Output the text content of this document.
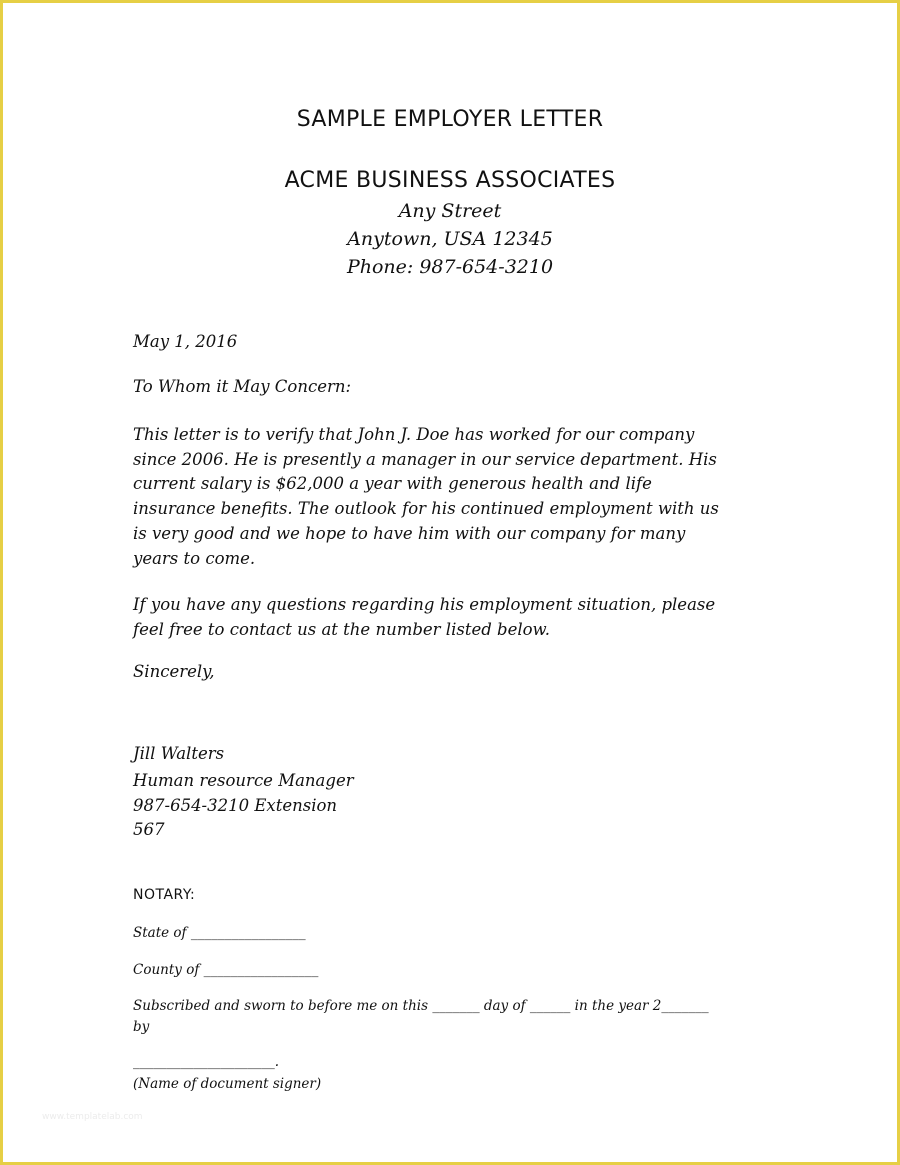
SAMPLE EMPLOYER LETTER
ACME BUSINESS ASSOCIATES
Any Street
Anytown, USA 12345
Phone: 987-654-3210
May 1, 2016
To Whom it May Concern:
This letter is to verify that John J. Doe has worked for our company
since 2006. He is presently a manager in our service department. His
current salary is $62,000 a year with generous health and life
insurance benefits. The outlook for his continued employment with us
is very good and we hope to have him with our company for many
years to come.
If you have any questions regarding his employment situation, please
feel free to contact us at the number listed below.
Sincerely,
Jill Walters
Human resource Manager
987-654-3210 Extension
567
NOTARY:
State of _________________
County of _________________
Subscribed and sworn to before me on this _______ day of ______ in the year 2_______
by
_____________________.
(Name of document signer)
www.templatelab.com
